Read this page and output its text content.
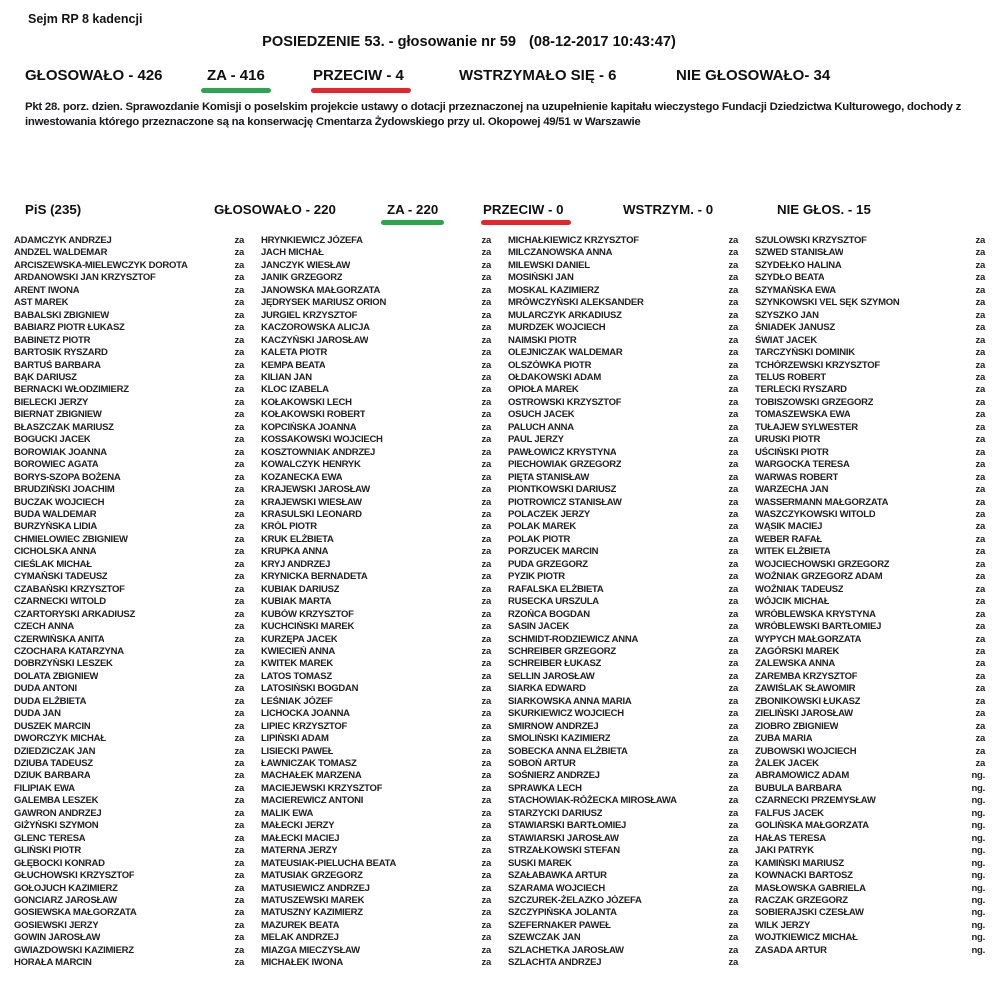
Sejm RP 8 kadencji
POSIEDZENIE 53. - głosowanie nr 59 (08-12-2017 10:43:47)
GŁOSOWAŁO - 426	ZA - 416	PRZECIW - 4	WSTRZYMAŁO SIĘ - 6	NIE GŁOSOWAŁO- 34
Pkt 28. porz. dzien. Sprawozdanie Komisji o poselskim projekcie ustawy o dotacji przeznaczonej na uzupełnienie kapitału wieczystego Fundacji Dziedzictwa Kulturowego, dochody z inwestowania którego przeznaczone są na konserwację Cmentarza Żydowskiego przy ul. Okopowej 49/51 w Warszawie
PiS (235)	GŁOSOWAŁO - 220	ZA - 220	PRZECIW - 0	WSTRZYM. - 0	NIE GŁOS. - 15
ADAMCZYK ANDRZEJ	za
ANDZEL WALDEMAR	za
ARCISZEWSKA-MIELEWCZYK DOROTA	za
ARDANOWSKI JAN KRZYSZTOF	za
ARENT IWONA	za
AST MAREK	za
BABALSKI ZBIGNIEW	za
BABIARZ PIOTR ŁUKASZ	za
BABINETZ PIOTR	za
BARTOSIK RYSZARD	za
BARTUŚ BARBARA	za
BĄK DARIUSZ	za
BERNACKI WŁODZIMIERZ	za
BIELECKI JERZY	za
BIERNAT ZBIGNIEW	za
BŁASZCZAK MARIUSZ	za
BOGUCKI JACEK	za
BOROWIAK JOANNA	za
BOROWIEC AGATA	za
BORYS-SZOPA BOŻENA	za
BRUDZIŃSKI JOACHIM	za
BUCZAK WOJCIECH	za
BUDA WALDEMAR	za
BURZYŃSKA LIDIA	za
CHMIELOWIEC ZBIGNIEW	za
CICHOLSKA ANNA	za
CIEŚLAK MICHAŁ	za
CYMAŃSKI TADEUSZ	za
CZABAŃSKI KRZYSZTOF	za
CZARNECKI WITOLD	za
CZARTORYSKI ARKADIUSZ	za
CZECH ANNA	za
CZERWIŃSKA ANITA	za
CZOCHARA KATARZYNA	za
DOBRZYŃSKI LESZEK	za
DOLATA ZBIGNIEW	za
DUDA ANTONI	za
DUDA ELŻBIETA	za
DUDA JAN	za
DUSZEK MARCIN	za
DWORCZYK MICHAŁ	za
DZIEDZICZAK JAN	za
DZIUBA TADEUSZ	za
DZIUK BARBARA	za
FILIPIAK EWA	za
GALEMBA LESZEK	za
GAWRON ANDRZEJ	za
GIŻYŃSKI SZYMON	za
GLENC TERESA	za
GLIŃSKI PIOTR	za
GŁĘBOCKI KONRAD	za
GŁUCHOWSKI KRZYSZTOF	za
GOŁOJUCH KAZIMIERZ	za
GONCIARZ JAROSŁAW	za
GOSIEWSKA MAŁGORZATA	za
GOSIEWSKI JERZY	za
GOWIN JAROSŁAW	za
GWIAZDOWSKI KAZIMIERZ	za
HORAŁA MARCIN	za
HRYNKIEWICZ JÓZEFA	za
JACH MICHAŁ	za
JANCZYK WIESŁAW	za
JANIK GRZEGORZ	za
JANOWSKA MAŁGORZATA	za
JĘDRYSEK MARIUSZ ORION	za
JURGIEL KRZYSZTOF	za
KACZOROWSKA ALICJA	za
KACZYŃSKI JAROSŁAW	za
KALETA PIOTR	za
KEMPA BEATA	za
KILIAN JAN	za
KLOC IZABELA	za
KOŁAKOWSKI LECH	za
KOŁAKOWSKI ROBERT	za
KOPCIŃSKA JOANNA	za
KOSSAKOWSKI WOJCIECH	za
KOSZTOWNIAK ANDRZEJ	za
KOWALCZYK HENRYK	za
KOZANECKA EWA	za
KRAJEWSKI JAROSŁAW	za
KRAJEWSKI WIESŁAW	za
KRASULSKI LEONARD	za
KRÓL PIOTR	za
KRUK ELŻBIETA	za
KRUPKA ANNA	za
KRYJ ANDRZEJ	za
KRYNICKA BERNADETA	za
KUBIAK DARIUSZ	za
KUBIAK MARTA	za
KUBÓW KRZYSZTOF	za
KUCHCIŃSKI MAREK	za
KURZĘPA JACEK	za
KWIECIEŃ ANNA	za
KWITEK MAREK	za
LATOS TOMASZ	za
LATOSIŃSKI BOGDAN	za
LEŚNIAK JÓZEF	za
LICHOCKA JOANNA	za
LIPIEC KRZYSZTOF	za
LIPIŃSKI ADAM	za
LISIECKI PAWEŁ	za
ŁAWNICZAK TOMASZ	za
MACHAŁEK MARZENA	za
MACIEJEWSKI KRZYSZTOF	za
MACIEREWICZ ANTONI	za
MALIK EWA	za
MAŁECKI JERZY	za
MAŁECKI MACIEJ	za
MATERNA JERZY	za
MATEUSIAK-PIELUCHA BEATA	za
MATUSIAK GRZEGORZ	za
MATUSIEWICZ ANDRZEJ	za
MATUSZEWSKI MAREK	za
MATUSZNY KAZIMIERZ	za
MAZUREK BEATA	za
MELAK ANDRZEJ	za
MIAZGA MIECZYSŁAW	za
MICHAŁEK IWONA	za
MICHAŁKIEWICZ KRZYSZTOF	za
MILCZANOWSKA ANNA	za
MILEWSKI DANIEL	za
MOSIŃSKI JAN	za
MOSKAL KAZIMIERZ	za
MRÓWCZYŃSKI ALEKSANDER	za
MULARCZYK ARKADIUSZ	za
MURDZEK WOJCIECH	za
NAIMSKI PIOTR	za
OLEJNICZAK WALDEMAR	za
OLSZÓWKA PIOTR	za
OŁDAKOWSKI ADAM	za
OPIOŁA MAREK	za
OSTROWSKI KRZYSZTOF	za
OSUCH JACEK	za
PALUCH ANNA	za
PAUL JERZY	za
PAWŁOWICZ KRYSTYNA	za
PIECHOWIAK GRZEGORZ	za
PIĘTA STANISŁAW	za
PIONTKOWSKI DARIUSZ	za
PIOTROWICZ STANISŁAW	za
POLACZEK JERZY	za
POLAK MAREK	za
POLAK PIOTR	za
PORZUCEK MARCIN	za
PUDA GRZEGORZ	za
PYZIK PIOTR	za
RAFALSKA ELŻBIETA	za
RUSECKA URSZULA	za
RZOŃCA BOGDAN	za
SASIN JACEK	za
SCHMIDT-RODZIEWICZ ANNA	za
SCHREIBER GRZEGORZ	za
SCHREIBER ŁUKASZ	za
SELLIN JAROSŁAW	za
SIARKA EDWARD	za
SIARKOWSKA ANNA MARIA	za
SKURKIEWICZ WOJCIECH	za
SMIRNOW ANDRZEJ	za
SMOLIŃSKI KAZIMIERZ	za
SOBECKA ANNA ELŻBIETA	za
SOBOŃ ARTUR	za
SOŚNIERZ ANDRZEJ	za
SPRAWKA LECH	za
STACHOWIAK-RÓŻECKA MIROSŁAWA	za
STARZYCKI DARIUSZ	za
STAWIARSKI BARTŁOMIEJ	za
STAWIARSKI JAROSŁAW	za
STRZAŁKOWSKI STEFAN	za
SUSKI MAREK	za
SZAŁABAWKA ARTUR	za
SZARAMA WOJCIECH	za
SZCZUREK-ŻELAZKO JÓZEFA	za
SZCZYPIŃSKA JOLANTA	za
SZEFERNAKER PAWEŁ	za
SZEWCZAK JAN	za
SZLACHETKA JAROSŁAW	za
SZLACHTA ANDRZEJ	za
SZULOWSKI KRZYSZTOF	za
SZWED STANISŁAW	za
SZYDEŁKO HALINA	za
SZYDŁO BEATA	za
SZYMAŃSKA EWA	za
SZYNKOWSKI VEL SĘK SZYMON	za
SZYSZKO JAN	za
ŚNIADEK JANUSZ	za
ŚWIAT JACEK	za
TARCZYŃSKI DOMINIK	za
TCHÓRZEWSKI KRZYSZTOF	za
TELUS ROBERT	za
TERLECKI RYSZARD	za
TOBISZOWSKI GRZEGORZ	za
TOMASZEWSKA EWA	za
TUŁAJEW SYLWESTER	za
URUSKI PIOTR	za
UŚCIŃSKI PIOTR	za
WARGOCKA TERESA	za
WARWAS ROBERT	za
WARZECHA JAN	za
WASSERMANN MAŁGORZATA	za
WASZCZYKOWSKI WITOLD	za
WĄSIK MACIEJ	za
WEBER RAFAŁ	za
WITEK ELŻBIETA	za
WOJCIECHOWSKI GRZEGORZ	za
WOŹNIAK GRZEGORZ ADAM	za
WOŹNIAK TADEUSZ	za
WÓJCIK MICHAŁ	za
WRÓBLEWSKA KRYSTYNA	za
WRÓBLEWSKI BARTŁOMIEJ	za
WYPYCH MAŁGORZATA	za
ZAGÓRSKI MAREK	za
ZALEWSKA ANNA	za
ZAREMBA KRZYSZTOF	za
ZAWIŚLAK SŁAWOMIR	za
ZBONIKOWSKI ŁUKASZ	za
ZIELIŃSKI JAROSŁAW	za
ZIOBRO ZBIGNIEW	za
ZUBA MARIA	za
ZUBOWSKI WOJCIECH	za
ŻALEK JACEK	za
ABRAMOWICZ ADAM	ng.
BUBULA BARBARA	ng.
CZARNECKI PRZEMYSŁAW	ng.
FALFUS JACEK	ng.
GOLIŃSKA MAŁGORZATA	ng.
HAŁAS TERESA	ng.
JAKI PATRYK	ng.
KAMIŃSKI MARIUSZ	ng.
KOWNACKI BARTOSZ	ng.
MASŁOWSKA GABRIELA	ng.
RACZAK GRZEGORZ	ng.
SOBIERAJSKI CZESŁAW	ng.
WILK JERZY	ng.
WOJTKIEWICZ MICHAŁ	ng.
ZASADA ARTUR	ng.
